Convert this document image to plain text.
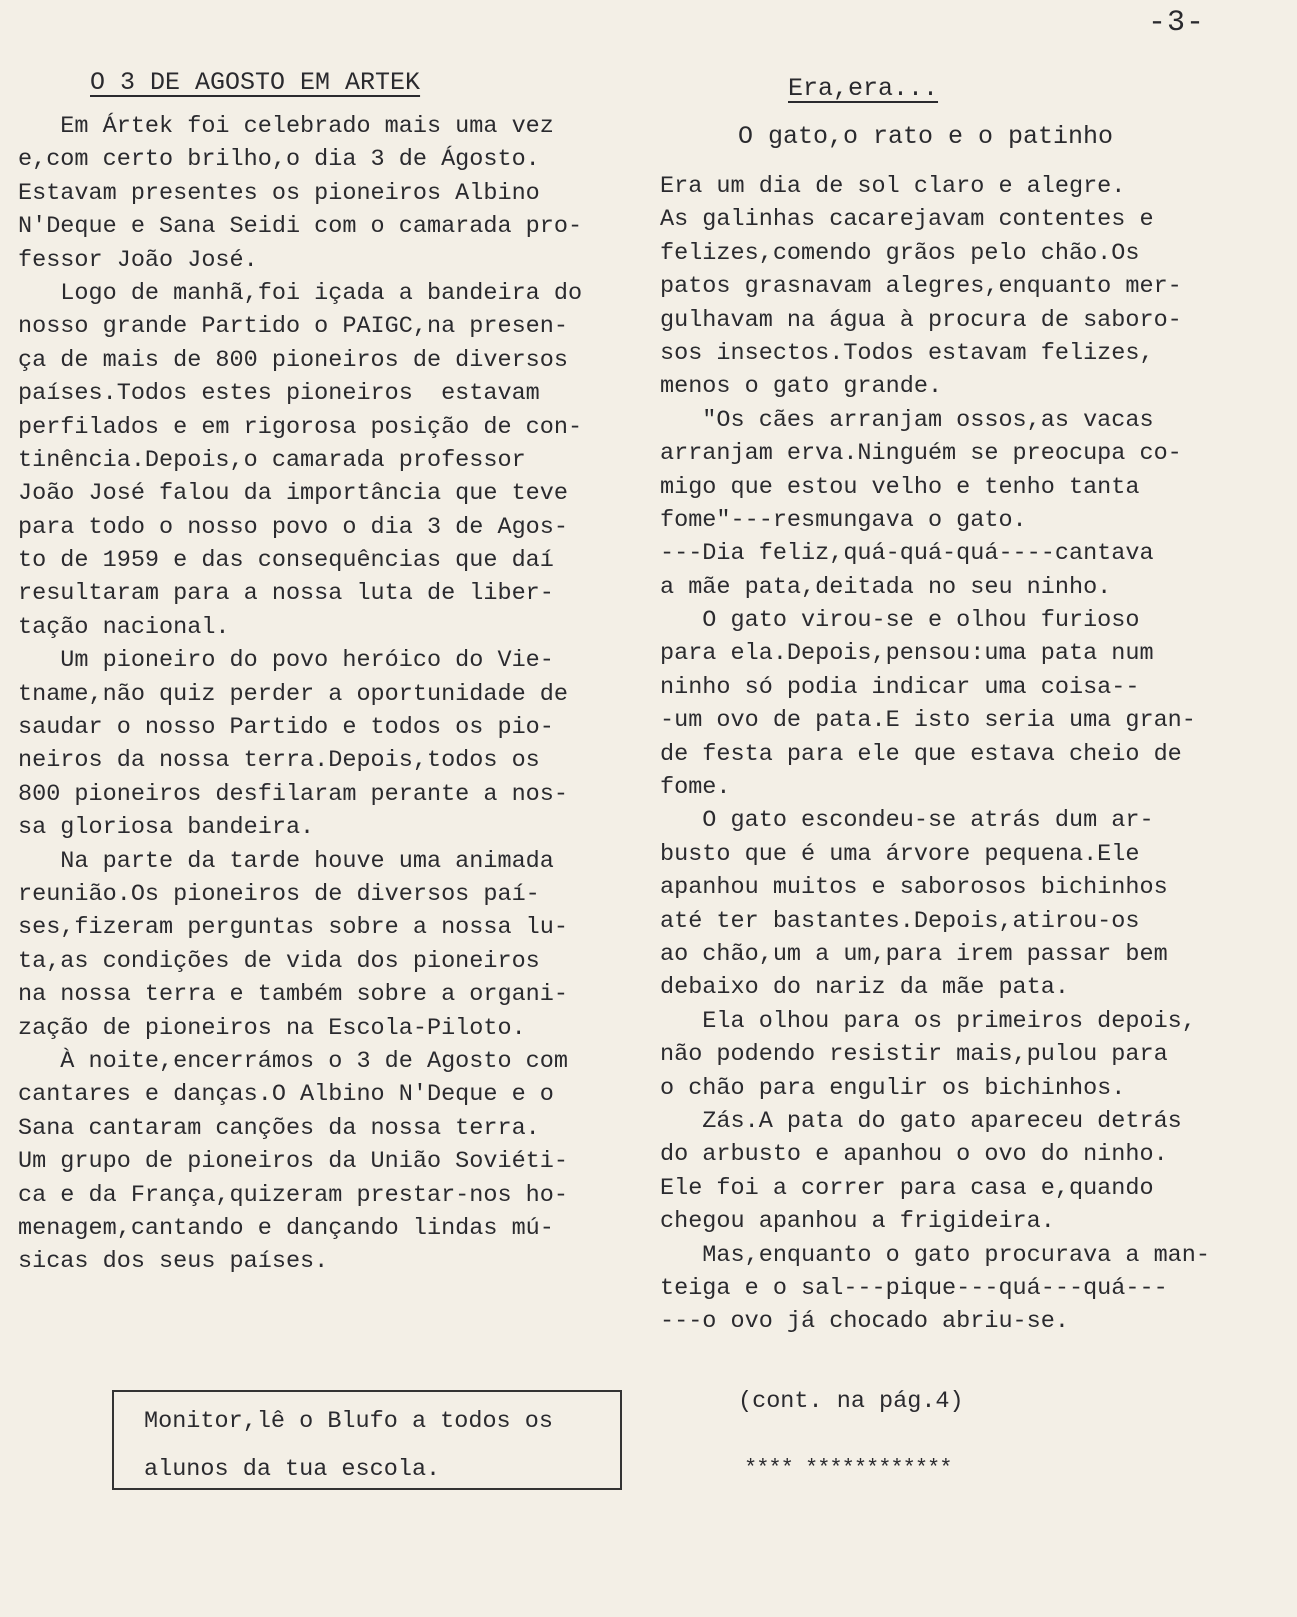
-3-
O 3 DE AGOSTO EM ARTEK
Em Ártek foi celebrado mais uma vez
e,com certo brilho,o dia 3 de Ágosto.
Estavam presentes os pioneiros Albino
N'Deque e Sana Seidi com o camarada pro-
fessor João José.
Logo de manhã,foi içada a bandeira do
nosso grande Partido o PAIGC,na presen-
ça de mais de 800 pioneiros de diversos
países.Todos estes pioneiros  estavam
perfilados e em rigorosa posição de con-
tinência.Depois,o camarada professor
João José falou da importância que teve
para todo o nosso povo o dia 3 de Agos-
to de 1959 e das consequências que daí
resultaram para a nossa luta de liber-
tação nacional.
Um pioneiro do povo heróico do Vie-
tname,não quiz perder a oportunidade de
saudar o nosso Partido e todos os pio-
neiros da nossa terra.Depois,todos os
800 pioneiros desfilaram perante a nos-
sa gloriosa bandeira.
Na parte da tarde houve uma animada
reunião.Os pioneiros de diversos paí-
ses,fizeram perguntas sobre a nossa lu-
ta,as condições de vida dos pioneiros
na nossa terra e também sobre a organi-
zação de pioneiros na Escola-Piloto.
À noite,encerrámos o 3 de Agosto com
cantares e danças.O Albino N'Deque e o
Sana cantaram canções da nossa terra.
Um grupo de pioneiros da União Soviéti-
ca e da França,quizeram prestar-nos ho-
menagem,cantando e dançando lindas mú-
sicas dos seus países.
Era,era...
O gato,o rato e o patinho
Era um dia de sol claro e alegre.
As galinhas cacarejavam contentes e
felizes,comendo grãos pelo chão.Os
patos grasnavam alegres,enquanto mer-
gulhavam na água à procura de saboro-
sos insectos.Todos estavam felizes,
menos o gato grande.
"Os cães arranjam ossos,as vacas
arranjam erva.Ninguém se preocupa co-
migo que estou velho e tenho tanta
fome"---resmungava o gato.
---Dia feliz,quá-quá-quá----cantava
a mãe pata,deitada no seu ninho.
O gato virou-se e olhou furioso
para ela.Depois,pensou:uma pata num
ninho só podia indicar uma coisa--
-um ovo de pata.E isto seria uma gran-
de festa para ele que estava cheio de
fome.
O gato escondeu-se atrás dum ar-
busto que é uma árvore pequena.Ele
apanhou muitos e saborosos bichinhos
até ter bastantes.Depois,atirou-os
ao chão,um a um,para irem passar bem
debaixo do nariz da mãe pata.
Ela olhou para os primeiros depois,
não podendo resistir mais,pulou para
o chão para engulir os bichinhos.
Zás.A pata do gato apareceu detrás
do arbusto e apanhou o ovo do ninho.
Ele foi a correr para casa e,quando
chegou apanhou a frigideira.
Mas,enquanto o gato procurava a man-
teiga e o sal---pique---quá---quá---
---o ovo já chocado abriu-se.
Monitor,lê o Blufo a todos os
alunos da tua escola.
(cont. na pág.4)
**** ************
